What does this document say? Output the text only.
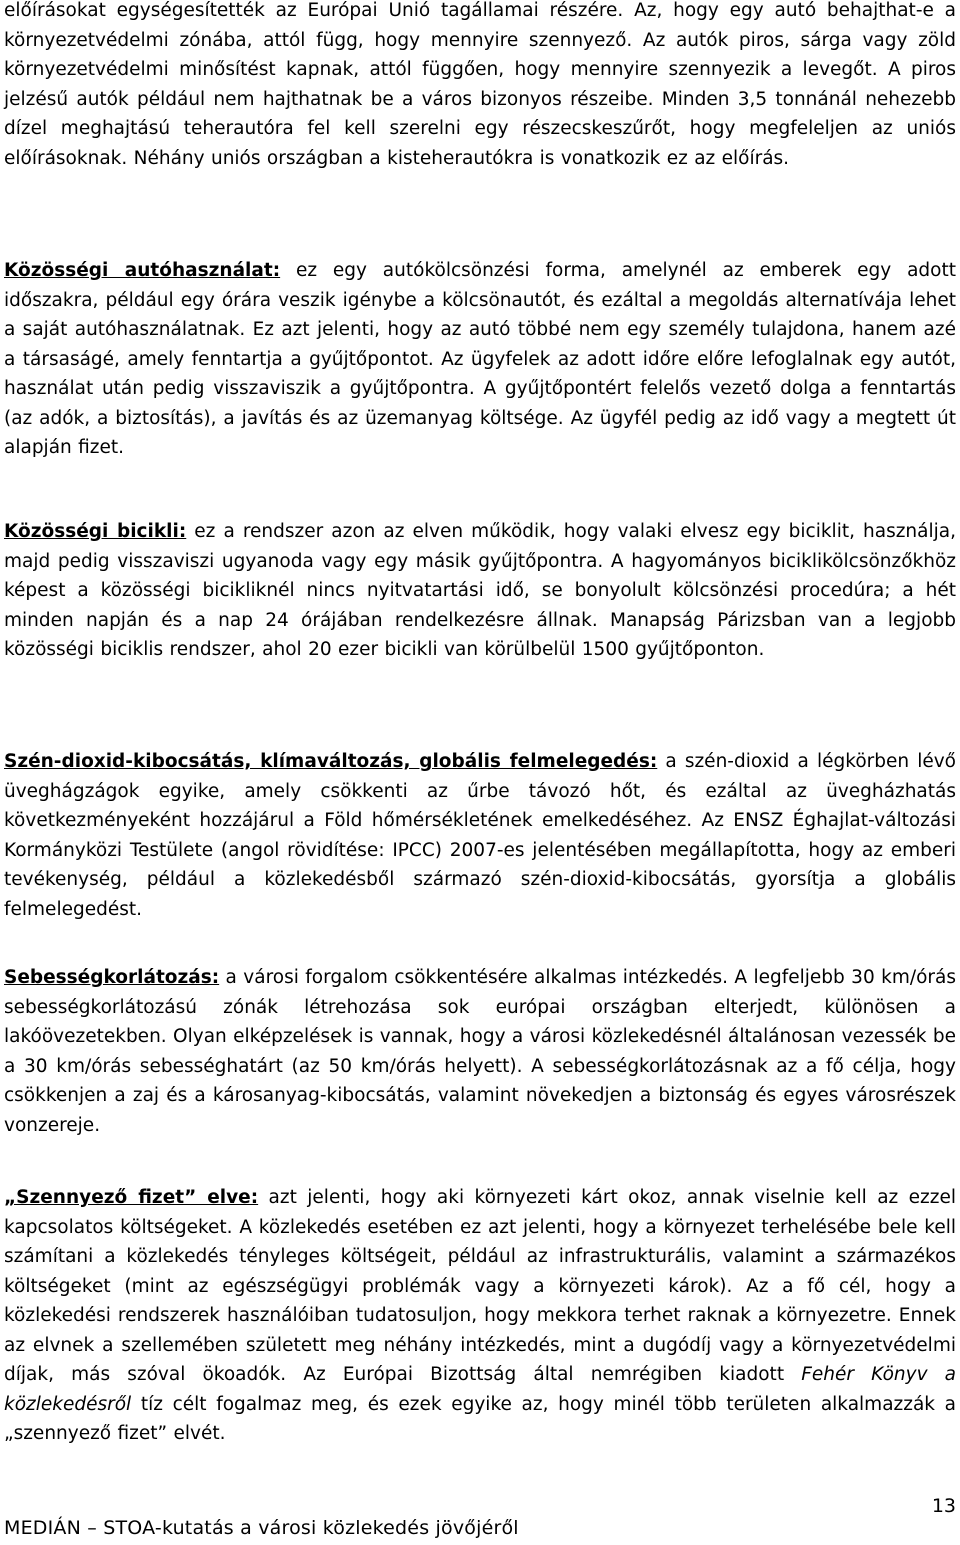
előírásokat egységesítették az Európai Unió tagállamai részére. Az, hogy egy autó behajthat-e a környezetvédelmi zónába, attól függ, hogy mennyire szennyező. Az autók piros, sárga vagy zöld környezetvédelmi minősítést kapnak, attól függően, hogy mennyire szennyezik a levegőt. A piros jelzésű autók például nem hajthatnak be a város bizonyos részeibe. Minden 3,5 tonnánál nehezebb dízel meghajtású teherautóra fel kell szerelni egy részecskeszűrőt, hogy megfeleljen az uniós előírásoknak. Néhány uniós országban a kisteherautókra is vonatkozik ez az előírás.

Közösségi autóhasználat: ez egy autókölcsönzési forma, amelynél az emberek egy adott időszakra, például egy órára veszik igénybe a kölcsönautót, és ezáltal a megoldás alternatívája lehet a saját autóhasználatnak. Ez azt jelenti, hogy az autó többé nem egy személy tulajdona, hanem azé a társaságé, amely fenntartja a gyűjtőpontot. Az ügyfelek az adott időre előre lefoglalnak egy autót, használat után pedig visszaviszik a gyűjtőpontra. A gyűjtőpontért felelős vezető dolga a fenntartás (az adók, a biztosítás), a javítás és az üzemanyag költsége. Az ügyfél pedig az idő vagy a megtett út alapján fizet.

Közösségi bicikli: ez a rendszer azon az elven működik, hogy valaki elvesz egy biciklit, használja, majd pedig visszaviszi ugyanoda vagy egy másik gyűjtőpontra. A hagyományos biciklikölcsönzőkhöz képest a közösségi bicikliknél nincs nyitvatartási idő, se bonyolult kölcsönzési procedúra; a hét minden napján és a nap 24 órájában rendelkezésre állnak. Manapság Párizsban van a legjobb közösségi biciklis rendszer, ahol 20 ezer bicikli van körülbelül 1500 gyűjtőponton.

Szén-dioxid-kibocsátás, klímaváltozás, globális felmelegedés: a szén-dioxid a légkörben lévő üveghágzágok egyike, amely csökkenti az űrbe távozó hőt, és ezáltal az üvegházhatás következményeként hozzájárul a Föld hőmérsékletének emelkedéséhez. Az ENSZ Éghajlat-változási Kormányközi Testülete (angol rövidítése: IPCC) 2007-es jelentésében megállapította, hogy az emberi tevékenység, például a közlekedésből származó szén-dioxid-kibocsátás, gyorsítja a globális felmelegedést.

Sebességkorlátozás: a városi forgalom csökkentésére alkalmas intézkedés. A legfeljebb 30 km/órás sebességkorlátozású zónák létrehozása sok európai országban elterjedt, különösen a lakóövezetekben. Olyan elképzelések is vannak, hogy a városi közlekedésnél általánosan vezessék be a 30 km/órás sebességhatárt (az 50 km/órás helyett). A sebességkorlátozásnak az a fő célja, hogy csökkenjen a zaj és a károsanyag-kibocsátás, valamint növekedjen a biztonság és egyes városrészek vonzereje.

„Szennyező fizet” elve: azt jelenti, hogy aki környezeti kárt okoz, annak viselnie kell az ezzel kapcsolatos költségeket. A közlekedés esetében ez azt jelenti, hogy a környezet terhelésébe bele kell számítani a közlekedés tényleges költségeit, például az infrastrukturális, valamint a származékos költségeket (mint az egészségügyi problémák vagy a környezeti károk). Az a fő cél, hogy a közlekedési rendszerek használóiban tudatosuljon, hogy mekkora terhet raknak a környezetre. Ennek az elvnek a szellemében született meg néhány intézkedés, mint a dugódíj vagy a környezetvédelmi díjak, más szóval ökoadók. Az Európai Bizottság által nemrégiben kiadott Fehér Könyv a közlekedésről tíz célt fogalmaz meg, és ezek egyike az, hogy minél több területen alkalmazzák a „szennyező fizet” elvét.

13
MEDIÁN – STOA-kutatás a városi közlekedés jövőjéről
